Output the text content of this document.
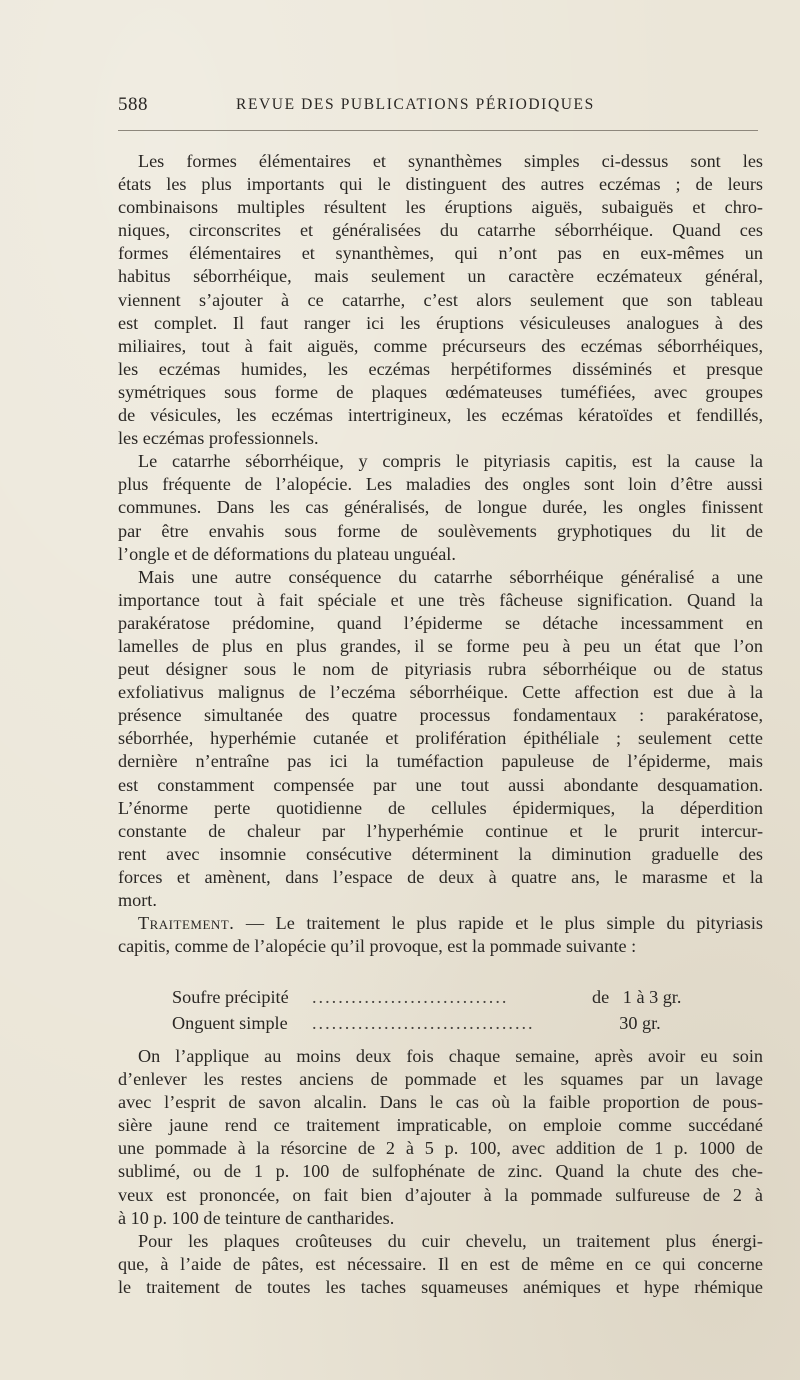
588	REVUE DES PUBLICATIONS PÉRIODIQUES
Les formes élémentaires et synanthèmes simples ci-dessus sont les
états les plus importants qui le distinguent des autres eczémas ; de leurs
combinaisons multiples résultent les éruptions aiguës, subaiguës et chro-
niques, circonscrites et généralisées du catarrhe séborrhéique. Quand ces
formes élémentaires et synanthèmes, qui n’ont pas en eux-mêmes un
habitus séborrhéique, mais seulement un caractère eczémateux général,
viennent s’ajouter à ce catarrhe, c’est alors seulement que son tableau
est complet. Il faut ranger ici les éruptions vésiculeuses analogues à des
miliaires, tout à fait aiguës, comme précurseurs des eczémas séborrhéiques,
les eczémas humides, les eczémas herpétiformes disséminés et presque
symétriques sous forme de plaques œdémateuses tuméfiées, avec groupes
de vésicules, les eczémas intertrigineux, les eczémas kératoïdes et fendillés,
les eczémas professionnels.
Le catarrhe séborrhéique, y compris le pityriasis capitis, est la cause la
plus fréquente de l’alopécie. Les maladies des ongles sont loin d’être aussi
communes. Dans les cas généralisés, de longue durée, les ongles finissent
par être envahis sous forme de soulèvements gryphotiques du lit de
l’ongle et de déformations du plateau unguéal.
Mais une autre conséquence du catarrhe séborrhéique généralisé a une
importance tout à fait spéciale et une très fâcheuse signification. Quand la
parakératose prédomine, quand l’épiderme se détache incessamment en
lamelles de plus en plus grandes, il se forme peu à peu un état que l’on
peut désigner sous le nom de pityriasis rubra séborrhéique ou de status
exfoliativus malignus de l’eczéma séborrhéique. Cette affection est due à la
présence simultanée des quatre processus fondamentaux : parakératose,
séborrhée, hyperhémie cutanée et prolifération épithéliale ; seulement cette
dernière n’entraîne pas ici la tuméfaction papuleuse de l’épiderme, mais
est constamment compensée par une tout aussi abondante desquamation.
L’énorme perte quotidienne de cellules épidermiques, la déperdition
constante de chaleur par l’hyperhémie continue et le prurit intercur-
rent avec insomnie consécutive déterminent la diminution graduelle des
forces et amènent, dans l’espace de deux à quatre ans, le marasme et la
mort.
Traitement. — Le traitement le plus rapide et le plus simple du pityriasis
capitis, comme de l’alopécie qu’il provoque, est la pommade suivante :
Soufre précipité ..............................	de   1 à 3 gr.
Onguent simple ..................................	30 gr.
On l’applique au moins deux fois chaque semaine, après avoir eu soin
d’enlever les restes anciens de pommade et les squames par un lavage
avec l’esprit de savon alcalin. Dans le cas où la faible proportion de pous-
sière jaune rend ce traitement impraticable, on emploie comme succédané
une pommade à la résorcine de 2 à 5 p. 100, avec addition de 1 p. 1000 de
sublimé, ou de 1 p. 100 de sulfophénate de zinc. Quand la chute des che-
veux est prononcée, on fait bien d’ajouter à la pommade sulfureuse de 2 à
à 10 p. 100 de teinture de cantharides.
Pour les plaques croûteuses du cuir chevelu, un traitement plus énergi-
que, à l’aide de pâtes, est nécessaire. Il en est de même en ce qui concerne
le traitement de toutes les taches squameuses anémiques et hype rhémique
